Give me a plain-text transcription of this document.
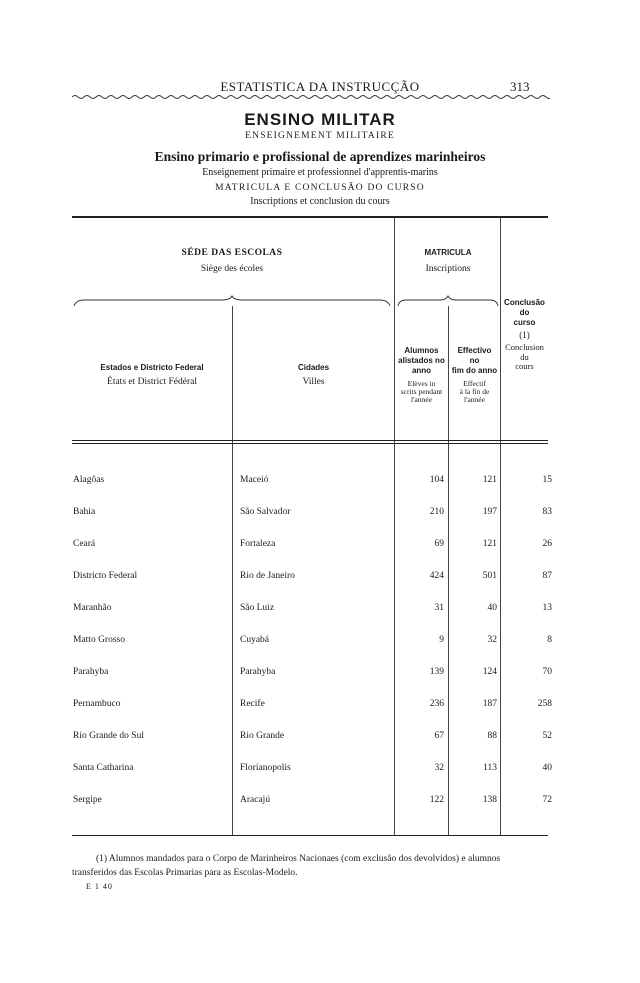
ESTATISTICA DA INSTRUCÇÃO	313
ENSINO MILITAR
ENSEIGNEMENT MILITAIRE
Ensino primario e profissional de aprendizes marinheiros
Enseignement primaire et professionnel d'apprentis-marins
MATRICULA E CONCLUSÃO DO CURSO
Inscriptions et conclusion du cours
SÉDE DAS ESCOLAS
Siège des écoles
MATRICULA
Inscriptions
Conclusão
do
curso
(1)
Conclusion
du
cours
Estados e Districto Federal
États et District Fédéral
Cidades
Villes
Alumnos
alistados no
anno
Elèves in
scrits pendant
l'année
Effectivo
no
fim do anno
Effectif
à la fin de
l'année
Alagôas	Maceió	104	121	15
Bahia	São Salvador	210	197	83
Ceará	Fortaleza	69	121	26
Districto Federal	Rio de Janeiro	424	501	87
Maranhão	São Luiz	31	40	13
Matto Grosso	Cuyabá	9	32	8
Parahyba	Parahyba	139	124	70
Pernambuco	Recife	236	187	258
Rio Grande do Sul	Rio Grande	67	88	52
Santa Catharina	Florianopolis	32	113	40
Sergipe	Aracajú	122	138	72
(1) Alumnos mandados para o Corpo de Marinheiros Nacionaes (com exclusão dos devolvidos) e alumnos
transferidos das Escolas Primarias para as Escolas-Modelo.
E 1 40
